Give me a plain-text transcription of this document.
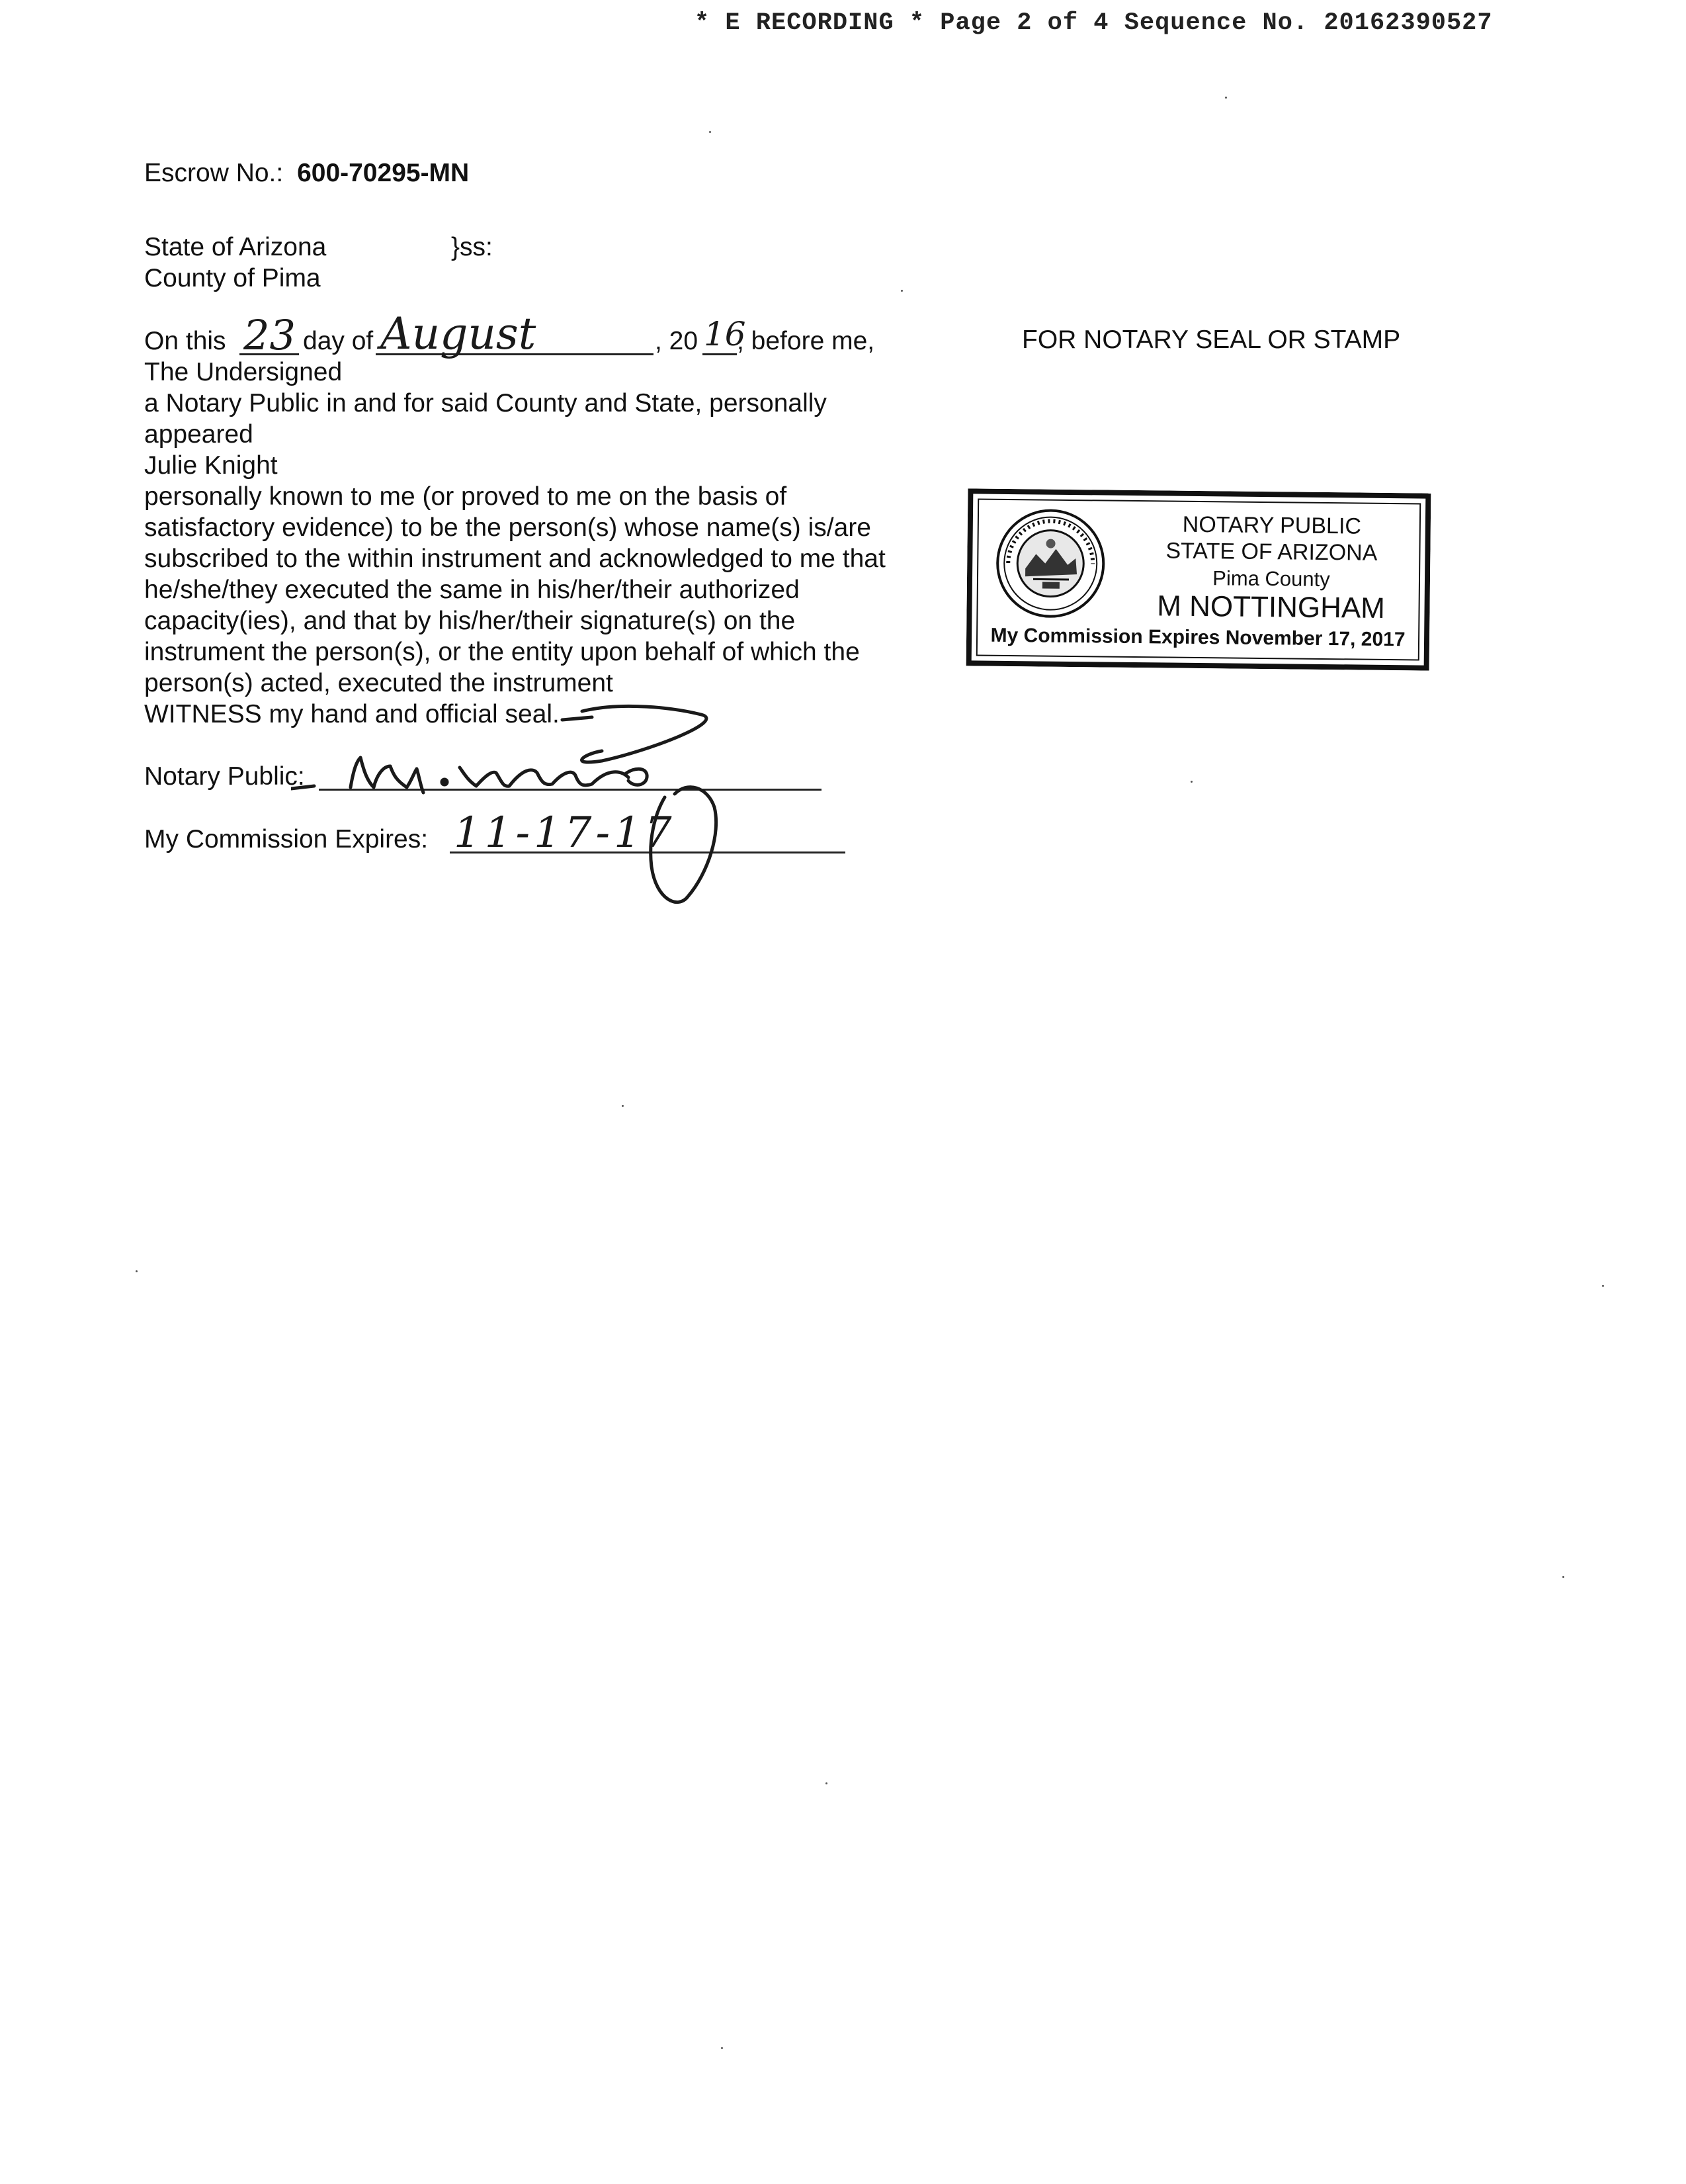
* E RECORDING * Page 2 of 4 Sequence No. 20162390527
Escrow No.: 600-70295-MN
State of Arizona	}ss:
County of Pima
On this 23 day of August	, 20 16
, before me,
The Undersigned
a Notary Public in and for said County and State, personally
appeared
Julie Knight
personally known to me (or proved to me on the basis of
satisfactory evidence) to be the person(s) whose name(s) is/are
subscribed to the within instrument and acknowledged to me that
he/she/they executed the same in his/her/their authorized
capacity(ies), and that by his/her/their signature(s) on the
instrument the person(s), or the entity upon behalf of which the
person(s) acted, executed the instrument
WITNESS my hand and official seal.
Notary Public:
My Commission Expires: 11-17-17
FOR NOTARY SEAL OR STAMP
NOTARY PUBLIC
STATE OF ARIZONA
Pima County
M NOTTINGHAM
My Commission Expires November 17, 2017
